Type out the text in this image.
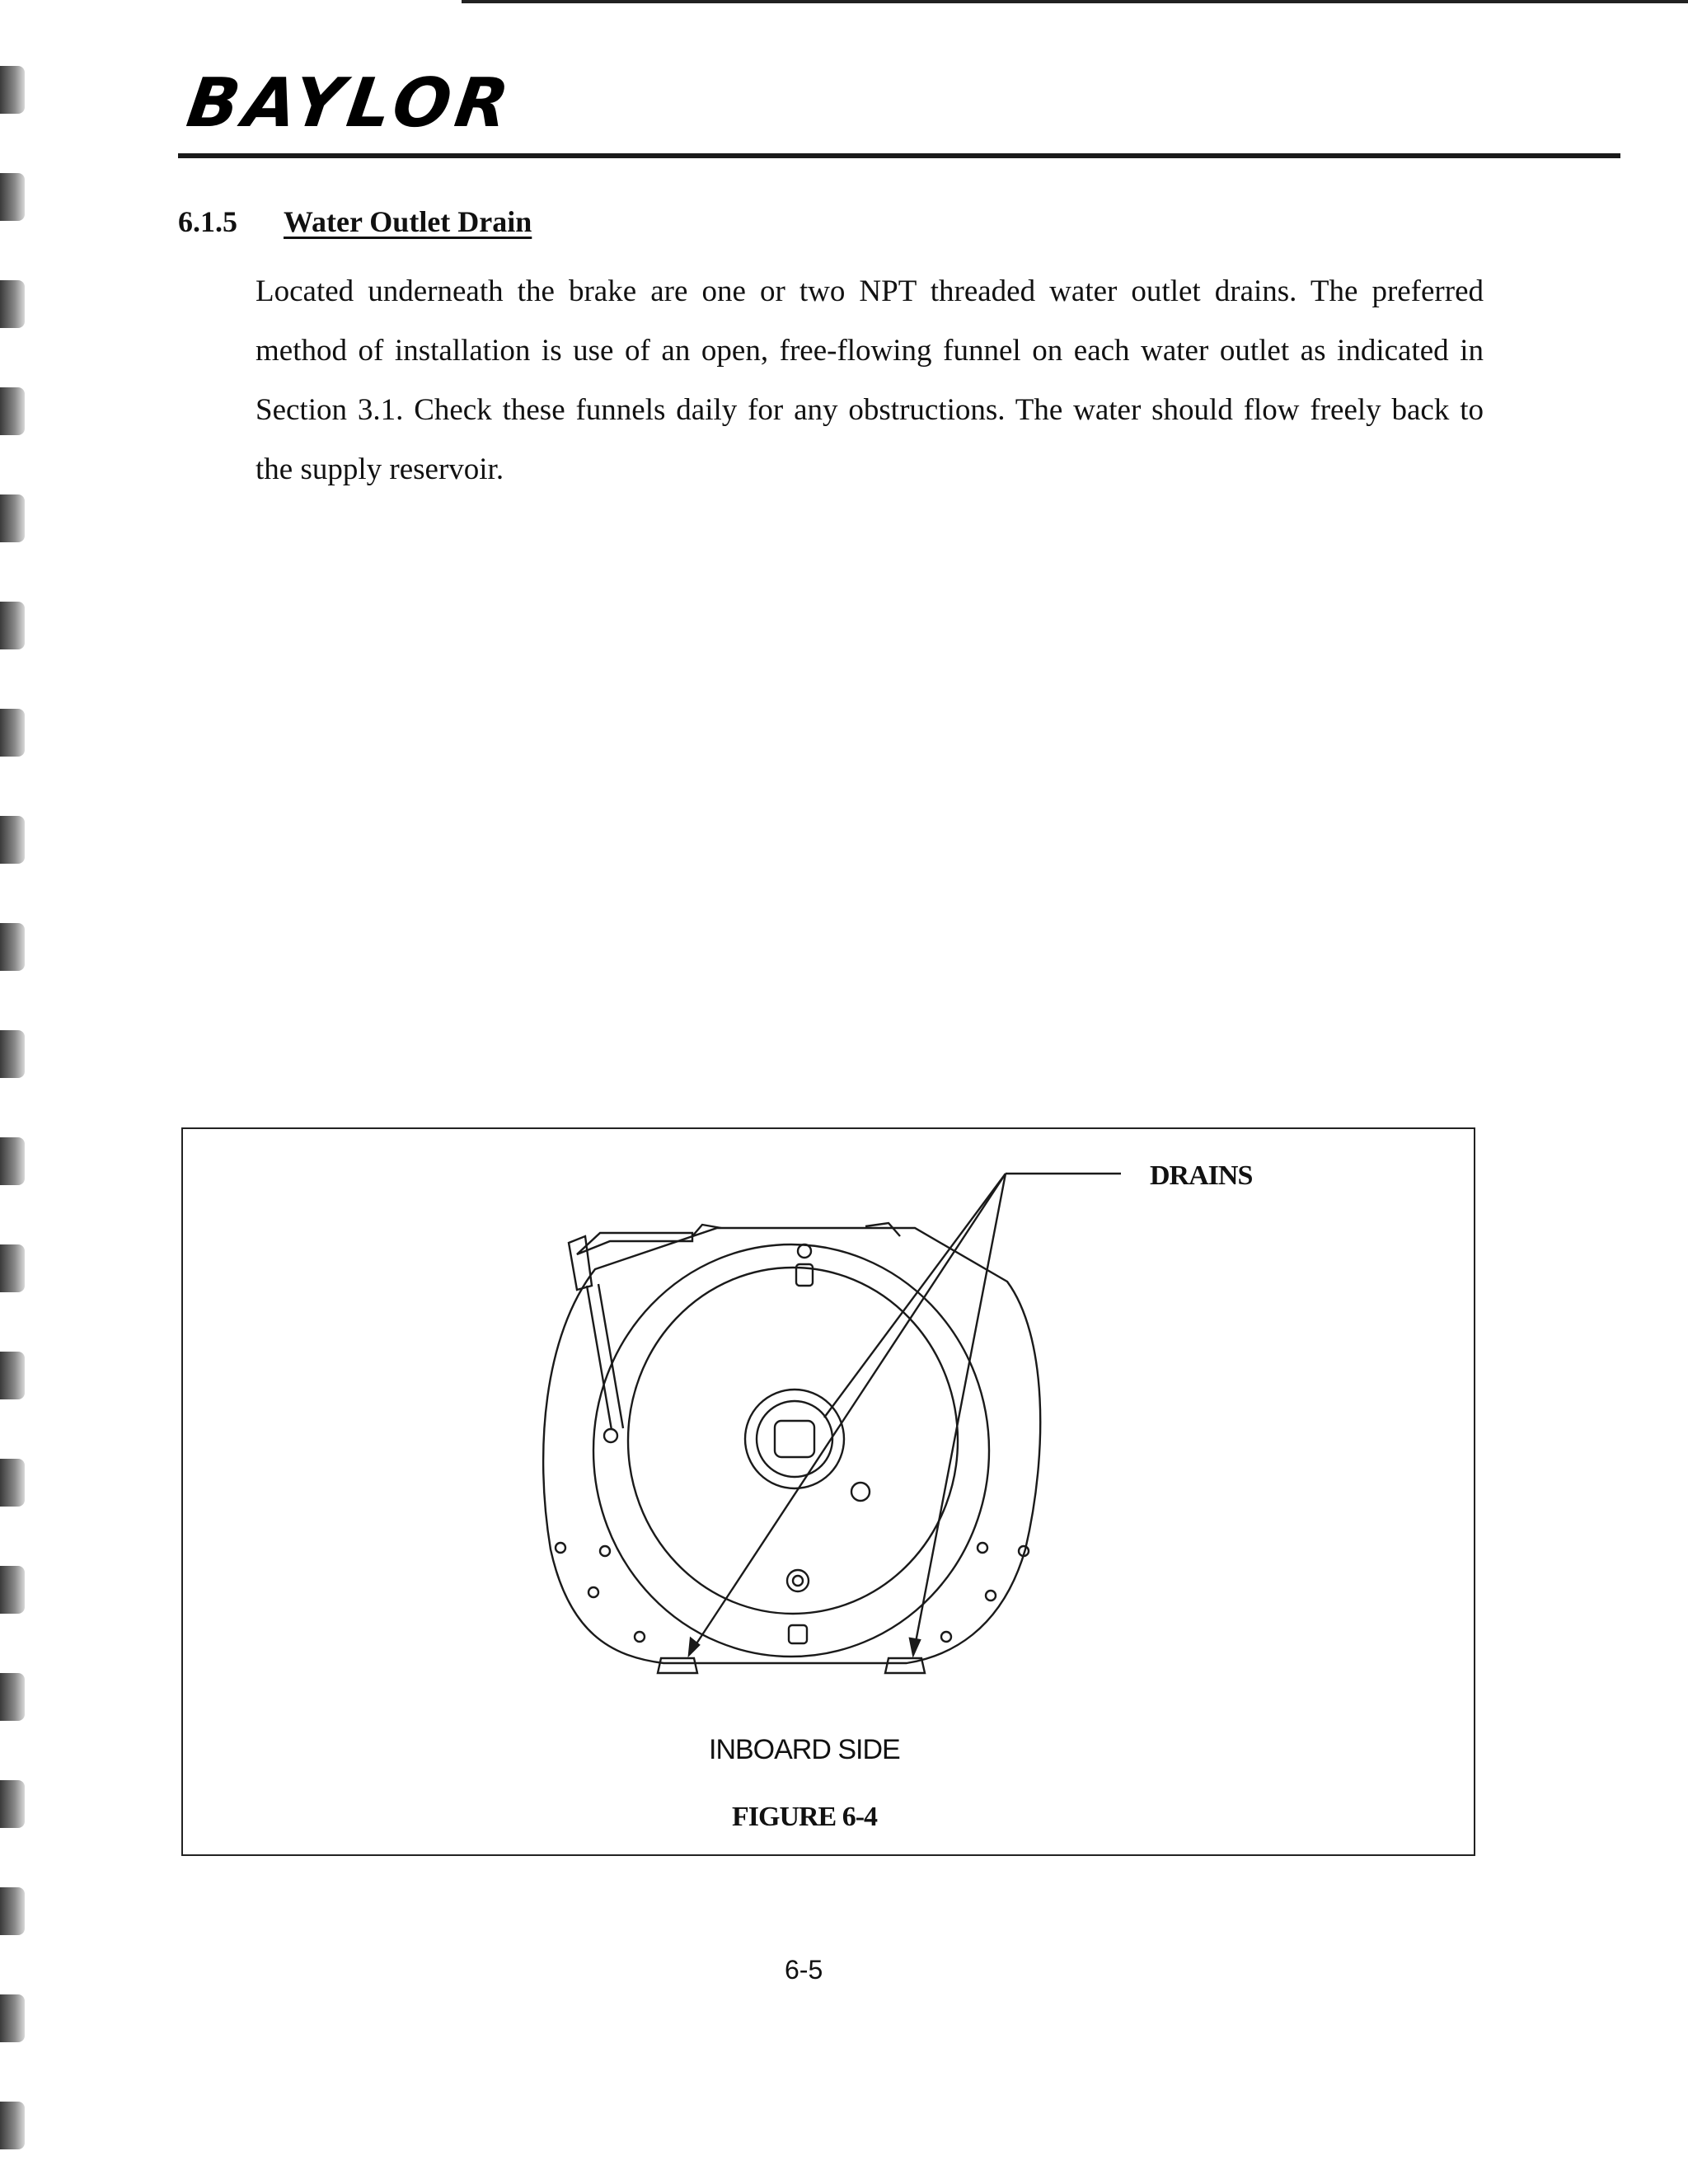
BAYLOR
6.1.5 Water Outlet Drain
Located underneath the brake are one or two NPT threaded water outlet drains. The preferred method of installation is use of an open, free-flowing funnel on each water outlet as indicated in Section 3.1. Check these funnels daily for any obstructions. The water should flow freely back to the supply reservoir.
DRAINS
INBOARD SIDE
FIGURE 6-4
6-5
